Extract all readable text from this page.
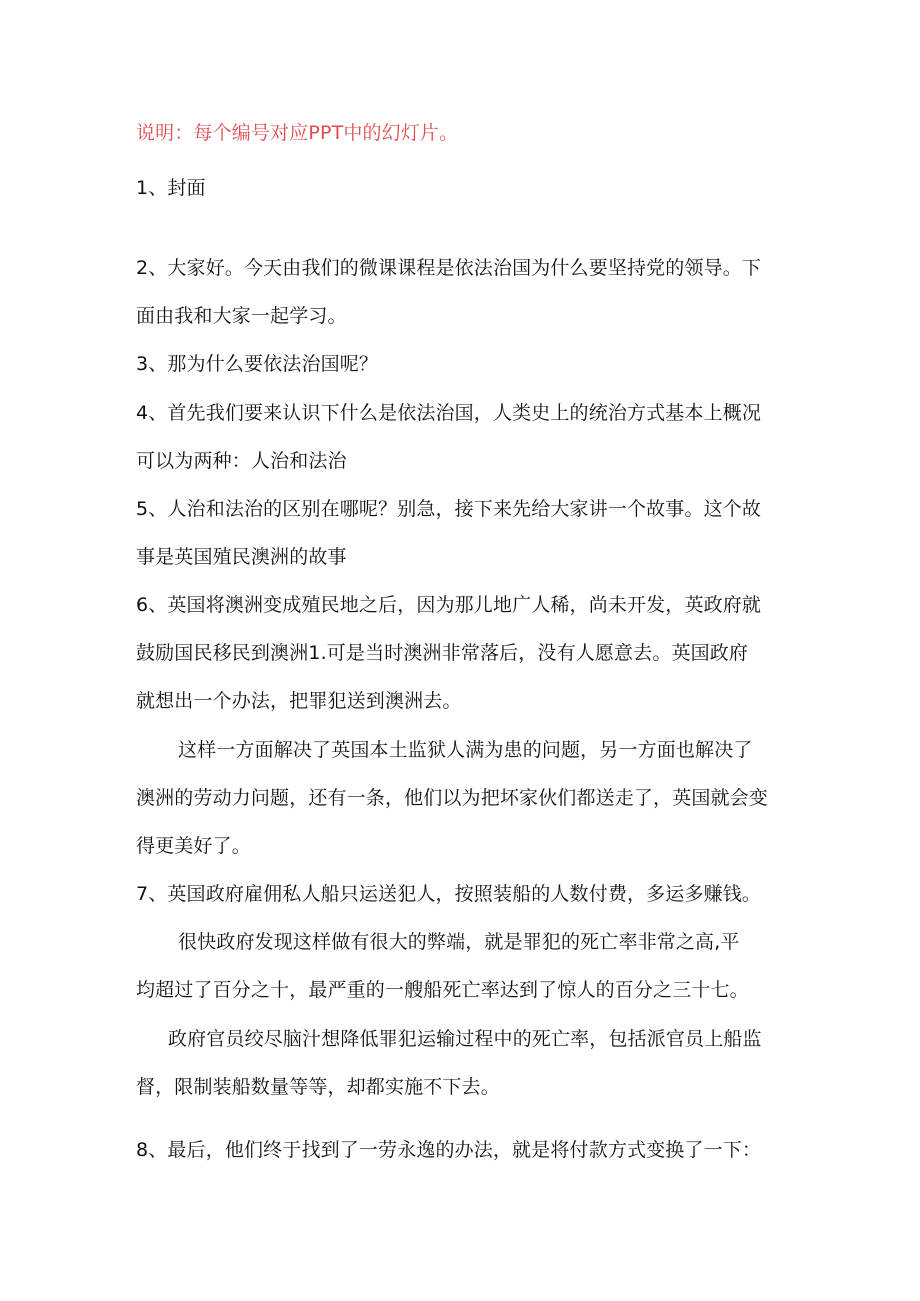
说明：每个编号对应PPT中的幻灯片。
1、封面
2、大家好。今天由我们的微课课程是依法治国为什么要坚持党的领导。下
面由我和大家一起学习。
3、那为什么要依法治国呢？
4、首先我们要来认识下什么是依法治国，人类史上的统治方式基本上概况
可以为两种：人治和法治
5、人治和法治的区别在哪呢？别急，接下来先给大家讲一个故事。这个故
事是英国殖民澳洲的故事
6、英国将澳洲变成殖民地之后，因为那儿地广人稀，尚未开发，英政府就
鼓励国民移民到澳洲1.可是当时澳洲非常落后，没有人愿意去。英国政府
就想出一个办法，把罪犯送到澳洲去。
这样一方面解决了英国本土监狱人满为患的问题，另一方面也解决了
澳洲的劳动力问题，还有一条，他们以为把坏家伙们都送走了，英国就会变
得更美好了。
7、英国政府雇佣私人船只运送犯人，按照装船的人数付费，多运多赚钱。
很快政府发现这样做有很大的弊端，就是罪犯的死亡率非常之高,平
均超过了百分之十，最严重的一艘船死亡率达到了惊人的百分之三十七。
政府官员绞尽脑汁想降低罪犯运输过程中的死亡率，包括派官员上船监
督，限制装船数量等等，却都实施不下去。
8、最后，他们终于找到了一劳永逸的办法，就是将付款方式变换了一下：
